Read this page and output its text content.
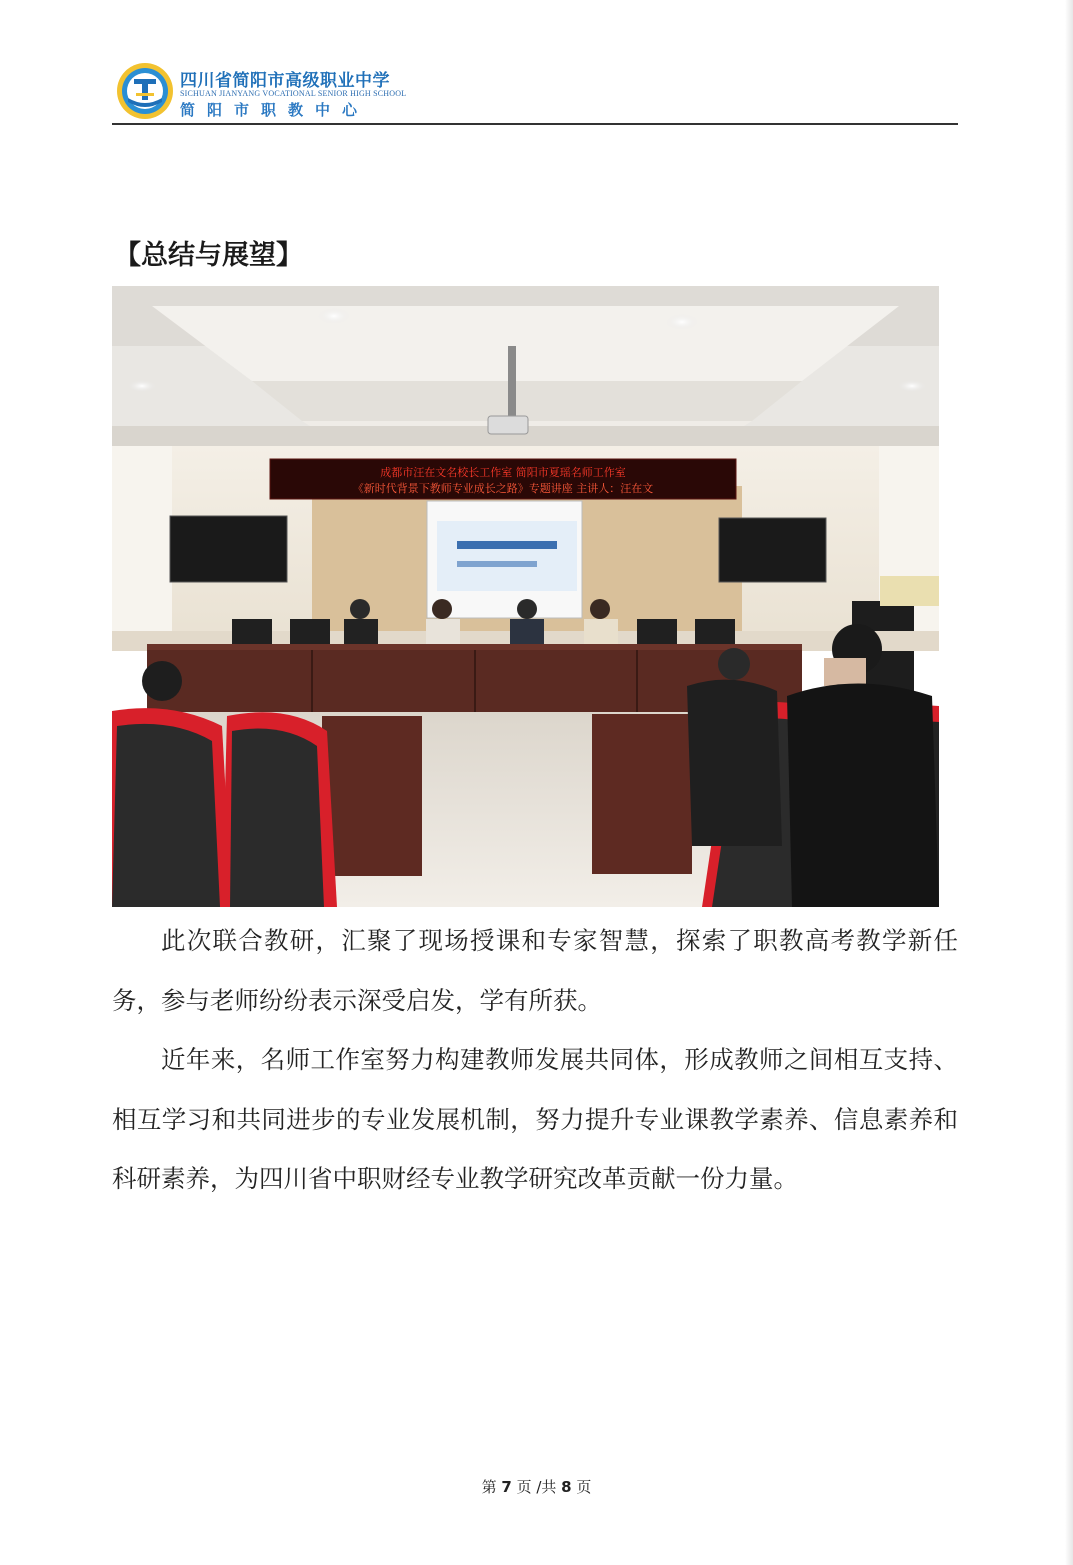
四川省简阳市高级职业中学
SICHUAN JIANYANG VOCATIONAL SENIOR HIGH SCHOOL
简阳市职教中心
【总结与展望】
成都市汪在文名校长工作室 简阳市夏瑶名师工作室
《新时代背景下教师专业成长之路》专题讲座 主讲人：汪在文

此次联合教研，汇聚了现场授课和专家智慧，探索了职教高考教学新任务，参与老师纷纷表示深受启发，学有所获。

近年来，名师工作室努力构建教师发展共同体，形成教师之间相互支持、相互学习和共同进步的专业发展机制，努力提升专业课教学素养、信息素养和科研素养，为四川省中职财经专业教学研究改革贡献一份力量。

第 7 页 /共 8 页
